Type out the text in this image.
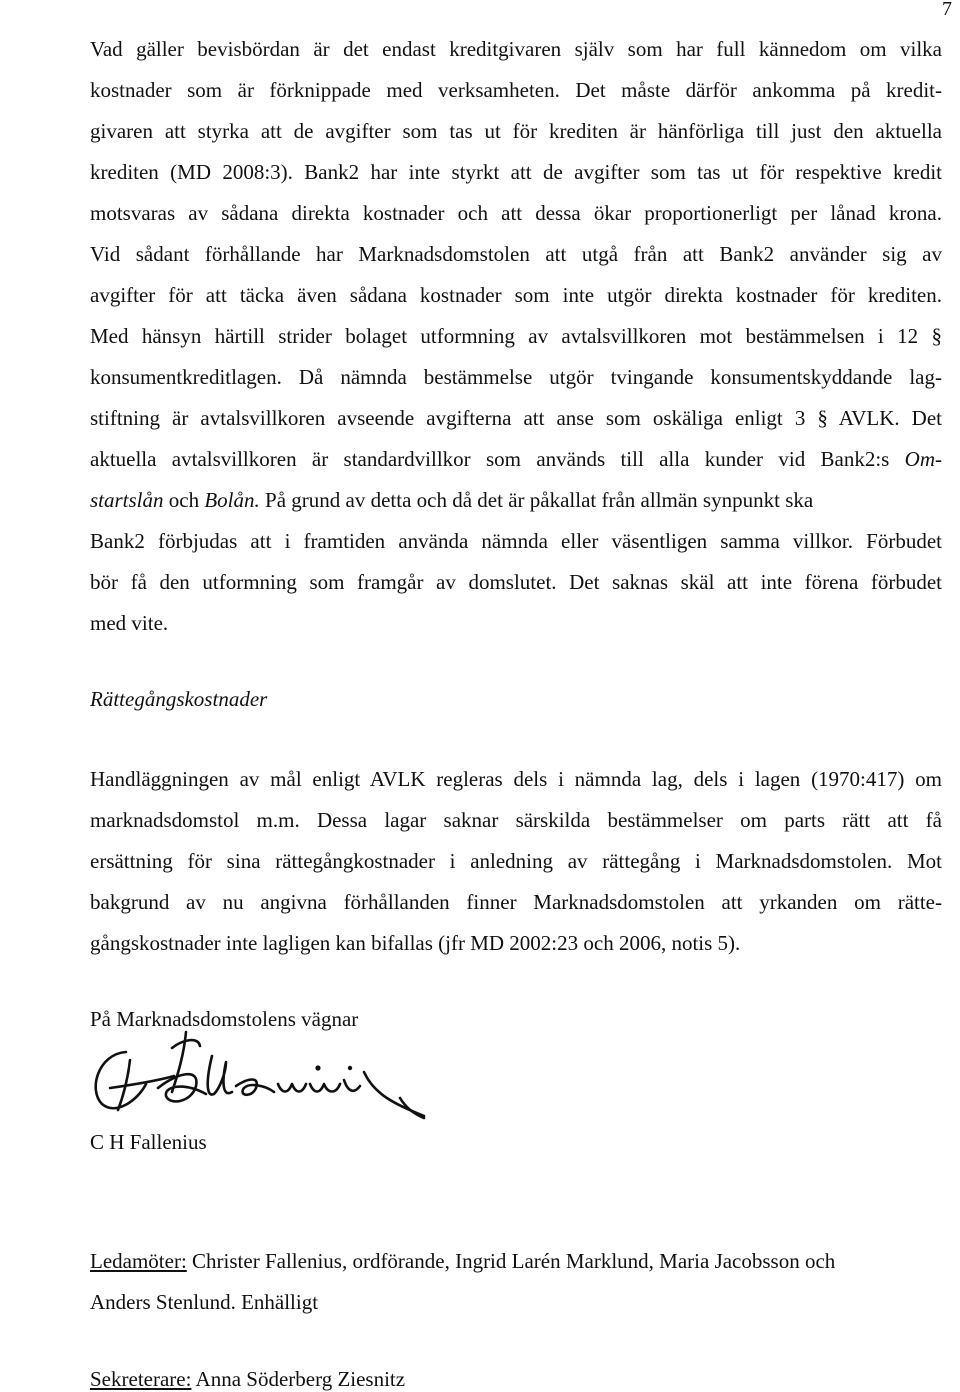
7
Vad gäller bevisbördan är det endast kreditgivaren själv som har full kännedom om vilka
kostnader som är förknippade med verksamheten. Det måste därför ankomma på kredit-
givaren att styrka att de avgifter som tas ut för krediten är hänförliga till just den aktuella
krediten (MD 2008:3). Bank2 har inte styrkt att de avgifter som tas ut för respektive kredit
motsvaras av sådana direkta kostnader och att dessa ökar proportionerligt per lånad krona.
Vid sådant förhållande har Marknadsdomstolen att utgå från att Bank2 använder sig av
avgifter för att täcka även sådana kostnader som inte utgör direkta kostnader för krediten.
Med hänsyn härtill strider bolaget utformning av avtalsvillkoren mot bestämmelsen i 12 §
konsumentkreditlagen. Då nämnda bestämmelse utgör tvingande konsumentskyddande lag-
stiftning är avtalsvillkoren avseende avgifterna att anse som oskäliga enligt 3 § AVLK. Det
aktuella avtalsvillkoren är standardvillkor som används till alla kunder vid Bank2:s Om-
startslån och Bolån. På grund av detta och då det är påkallat från allmän synpunkt ska
Bank2 förbjudas att i framtiden använda nämnda eller väsentligen samma villkor. Förbudet
bör få den utformning som framgår av domslutet. Det saknas skäl att inte förena förbudet
med vite.
Rättegångskostnader
Handläggningen av mål enligt AVLK regleras dels i nämnda lag, dels i lagen (1970:417) om
marknadsdomstol m.m. Dessa lagar saknar särskilda bestämmelser om parts rätt att få
ersättning för sina rättegångkostnader i anledning av rättegång i Marknadsdomstolen. Mot
bakgrund av nu angivna förhållanden finner Marknadsdomstolen att yrkanden om rätte-
gångskostnader inte lagligen kan bifallas (jfr MD 2002:23 och 2006, notis 5).
På Marknadsdomstolens vägnar
C H Fallenius
Ledamöter: Christer Fallenius, ordförande, Ingrid Larén Marklund, Maria Jacobsson och
Anders Stenlund. Enhälligt
Sekreterare: Anna Söderberg Ziesnitz
